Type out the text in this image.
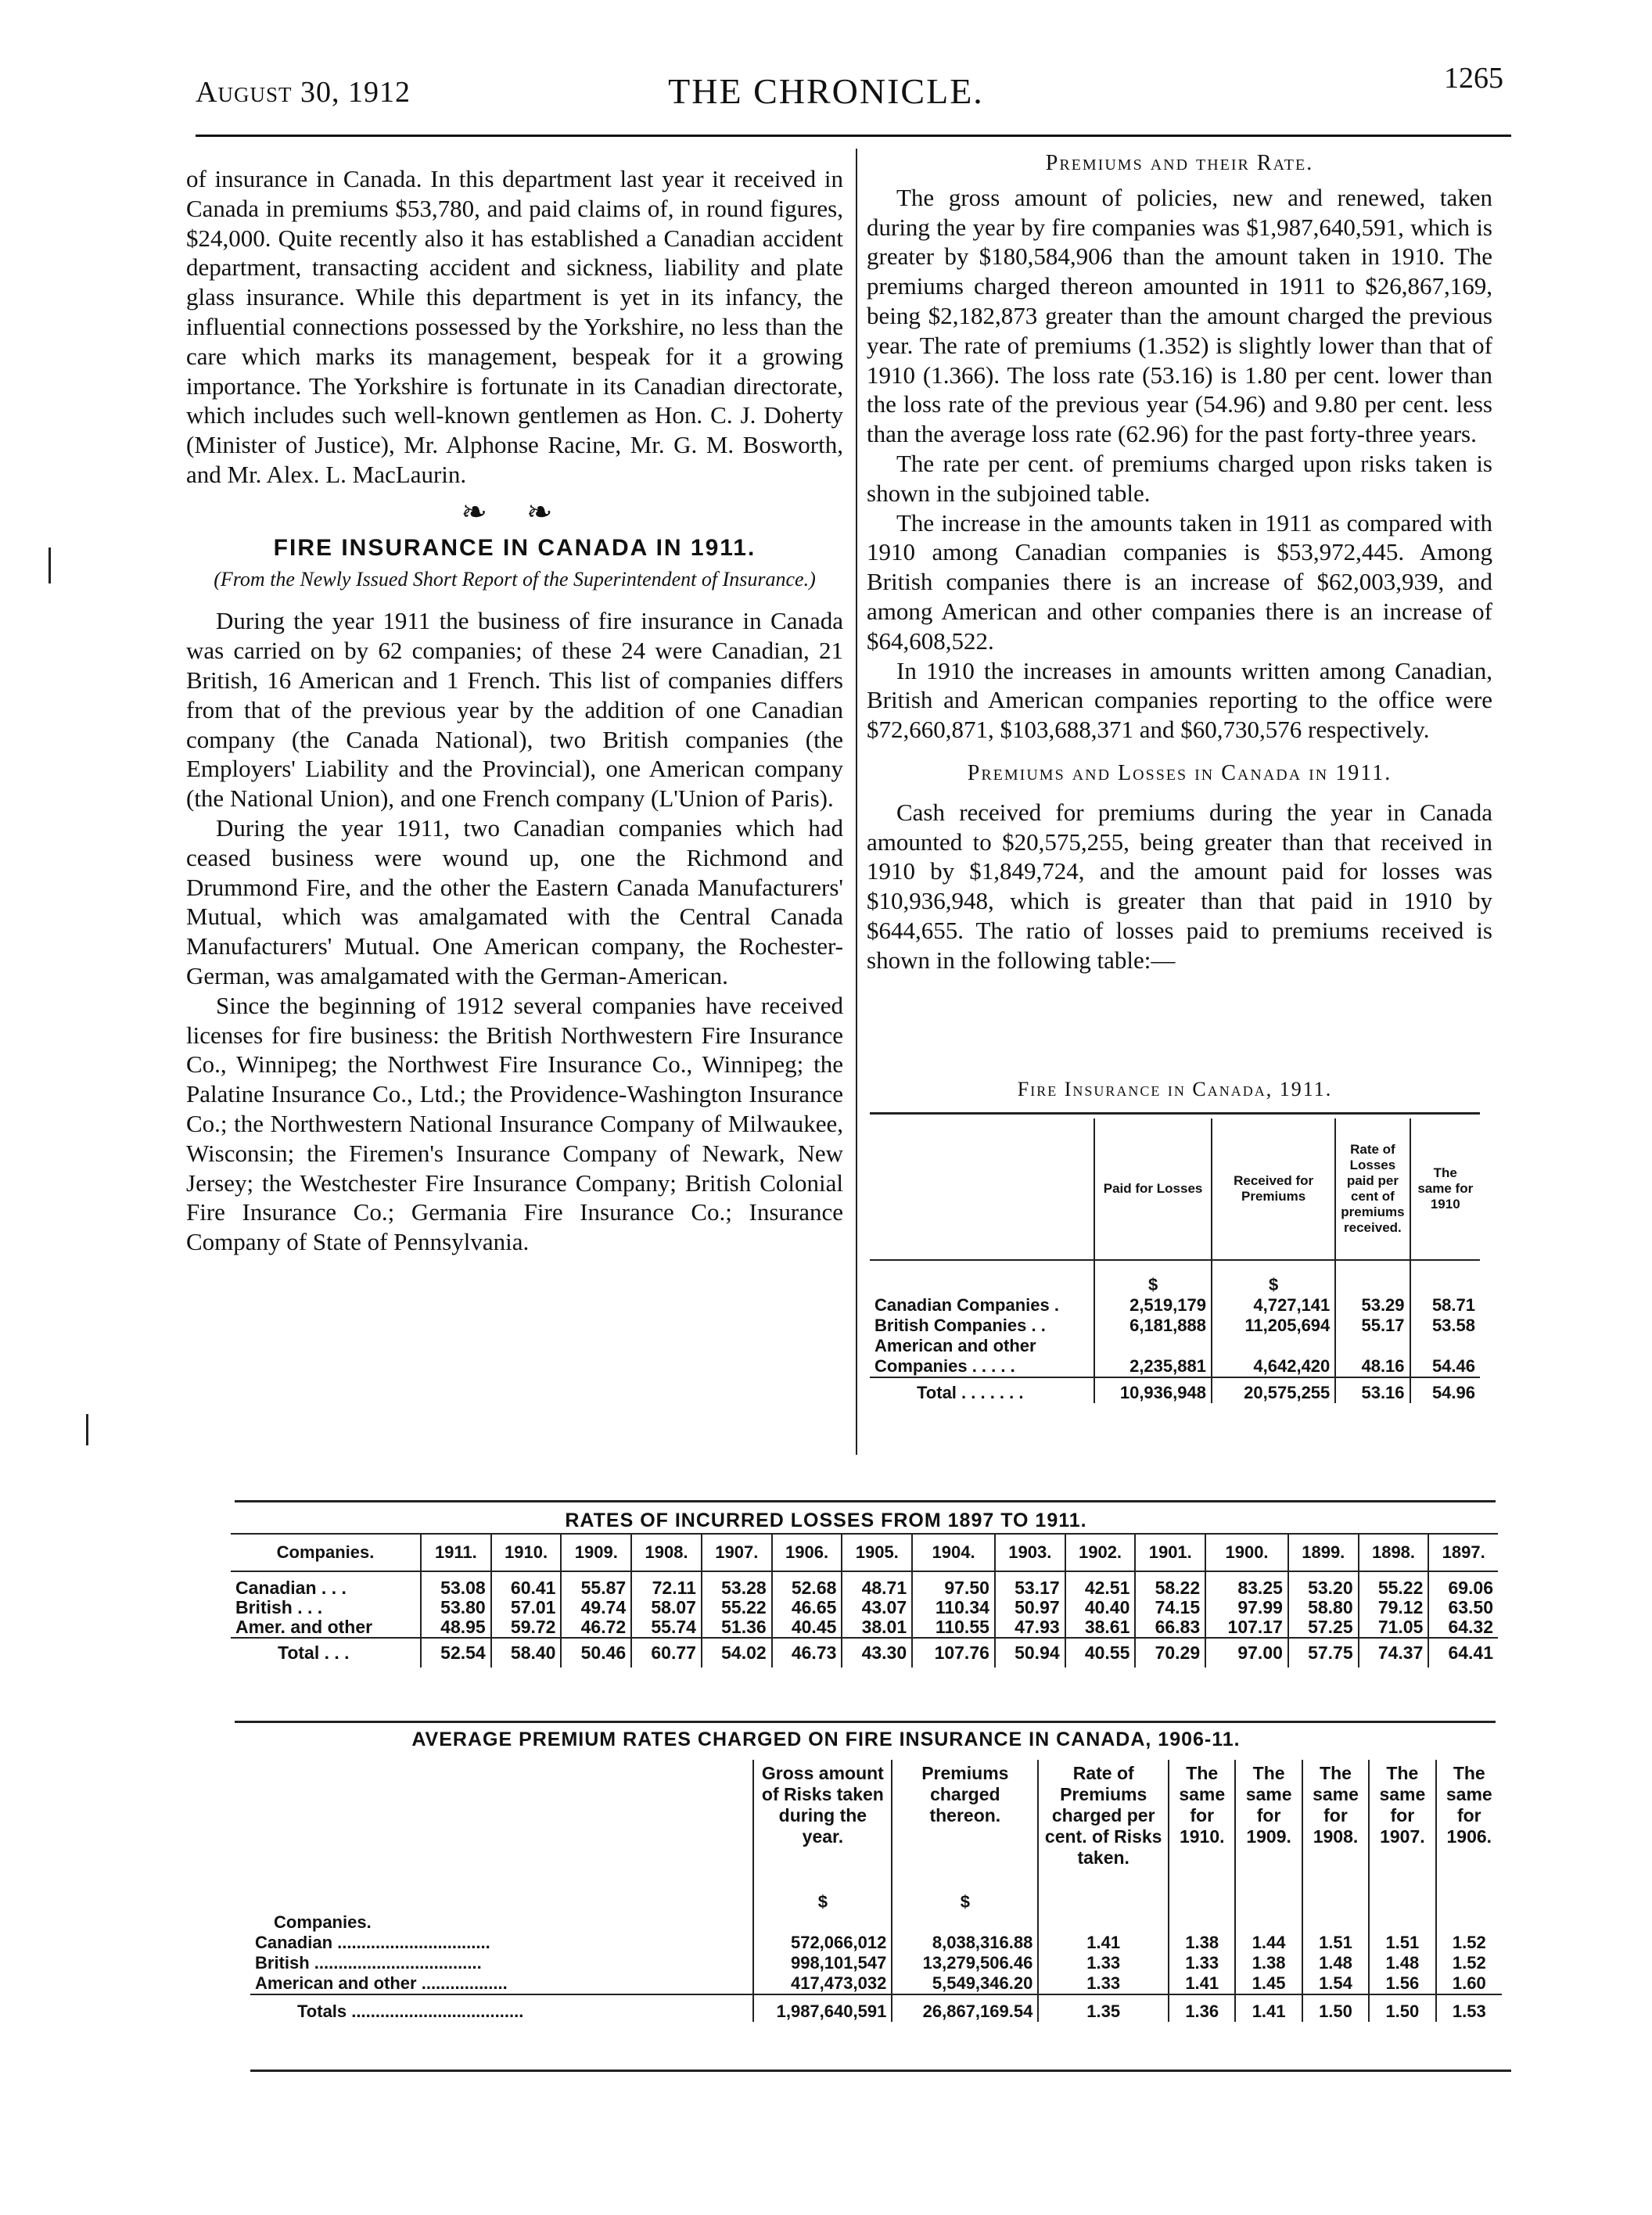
August 30, 1912	THE CHRONICLE.	1265

of insurance in Canada. In this department last year it received in Canada in premiums $53,780, and paid claims of, in round figures, $24,000. Quite recently also it has established a Canadian accident department, transacting accident and sickness, liability and plate glass insurance. While this department is yet in its infancy, the influential connections possessed by the Yorkshire, no less than the care which marks its management, bespeak for it a growing importance. The Yorkshire is fortunate in its Canadian directorate, which includes such well-known gentlemen as Hon. C. J. Doherty (Minister of Justice), Mr. Alphonse Racine, Mr. G. M. Bosworth, and Mr. Alex. L. MacLaurin.

❧ ❧
FIRE INSURANCE IN CANADA IN 1911.
(From the Newly Issued Short Report of the Superintendent of Insurance.)

During the year 1911 the business of fire insurance in Canada was carried on by 62 companies; of these 24 were Canadian, 21 British, 16 American and 1 French. This list of companies differs from that of the previous year by the addition of one Canadian company (the Canada National), two British companies (the Employers' Liability and the Provincial), one American company (the National Union), and one French company (L'Union of Paris).

During the year 1911, two Canadian companies which had ceased business were wound up, one the Richmond and Drummond Fire, and the other the Eastern Canada Manufacturers' Mutual, which was amalgamated with the Central Canada Manufacturers' Mutual. One American company, the Rochester-German, was amalgamated with the German-American.

Since the beginning of 1912 several companies have received licenses for fire business: the British Northwestern Fire Insurance Co., Winnipeg; the Northwest Fire Insurance Co., Winnipeg; the Palatine Insurance Co., Ltd.; the Providence-Washington Insurance Co.; the Northwestern National Insurance Company of Milwaukee, Wisconsin; the Firemen's Insurance Company of Newark, New Jersey; the Westchester Fire Insurance Company; British Colonial Fire Insurance Co.; Germania Fire Insurance Co.; Insurance Company of State of Pennsylvania.

Premiums and their Rate.

The gross amount of policies, new and renewed, taken during the year by fire companies was $1,987,640,591, which is greater by $180,584,906 than the amount taken in 1910. The premiums charged thereon amounted in 1911 to $26,867,169, being $2,182,873 greater than the amount charged the previous year. The rate of premiums (1.352) is slightly lower than that of 1910 (1.366). The loss rate (53.16) is 1.80 per cent. lower than the loss rate of the previous year (54.96) and 9.80 per cent. less than the average loss rate (62.96) for the past forty-three years.

The rate per cent. of premiums charged upon risks taken is shown in the subjoined table.

The increase in the amounts taken in 1911 as compared with 1910 among Canadian companies is $53,972,445. Among British companies there is an increase of $62,003,939, and among American and other companies there is an increase of $64,608,522.

In 1910 the increases in amounts written among Canadian, British and American companies reporting to the office were $72,660,871, $103,688,371 and $60,730,576 respectively.

Premiums and Losses in Canada in 1911.

Cash received for premiums during the year in Canada amounted to $20,575,255, being greater than that received in 1910 by $1,849,724, and the amount paid for losses was $10,936,948, which is greater than that paid in 1910 by $644,655. The ratio of losses paid to premiums received is shown in the following table:—

Fire Insurance in Canada, 1911.
	Paid for Losses	Received for Premiums	Rate of Losses paid per cent of premiums received.	The same for 1910
	$	$		
Canadian Companies .	2,519,179	4,727,141	53.29	58.71
British Companies . .	6,181,888	11,205,694	55.17	53.58
American and other Companies . . . . .	2,235,881	4,642,420	48.16	54.46
Total . . . . . . .	10,936,948	20,575,255	53.16	54.96
RATES OF INCURRED LOSSES FROM 1897 TO 1911.
Companies.	1911.	1910.	1909.	1908.	1907.	1906.	1905.	1904.	1903.	1902.	1901.	1900.	1899.	1898.	1897.

Canadian . . .	53.08	60.41	55.87	72.11	53.28	52.68	48.71	97.50	53.17	42.51	58.22	83.25	53.20	55.22	69.06
British . . .	53.80	57.01	49.74	58.07	55.22	46.65	43.07	110.34	50.97	40.40	74.15	97.99	58.80	79.12	63.50
Amer. and other	48.95	59.72	46.72	55.74	51.36	40.45	38.01	110.55	47.93	38.61	66.83	107.17	57.25	71.05	64.32
Total . . .	52.54	58.40	50.46	60.77	54.02	46.73	43.30	107.76	50.94	40.55	70.29	97.00	57.75	74.37	64.41
AVERAGE PREMIUM RATES CHARGED ON FIRE INSURANCE IN CANADA, 1906-11.
	Gross amount of Risks taken during the year.	Premiums charged thereon.	Rate of Premiums charged per cent. of Risks taken.	The same for 1910.	The same for 1909.	The same for 1908.	The same for 1907.	The same for 1906.
	$	$						
Companies.								
Canadian ................................	572,066,012	8,038,316.88	1.41	1.38	1.44	1.51	1.51	1.52
British ...................................	998,101,547	13,279,506.46	1.33	1.33	1.38	1.48	1.48	1.52
American and other ..................	417,473,032	5,549,346.20	1.33	1.41	1.45	1.54	1.56	1.60
Totals ....................................	1,987,640,591	26,867,169.54	1.35	1.36	1.41	1.50	1.50	1.53
